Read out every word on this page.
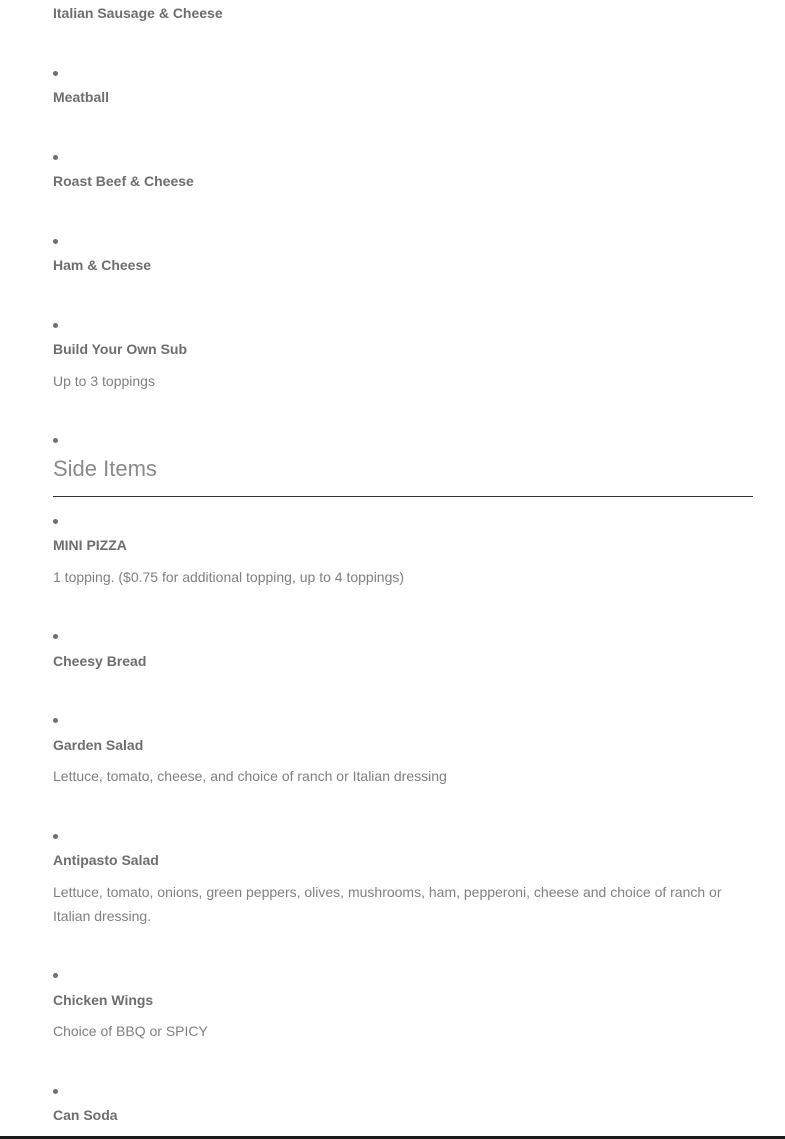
Italian Sausage & Cheese
Meatball
Roast Beef & Cheese
Ham & Cheese
Build Your Own Sub
Up to 3 toppings
Side Items
MINI PIZZA
1 topping. ($0.75 for additional topping, up to 4 toppings)
Cheesy Bread
Garden Salad
Lettuce, tomato, cheese, and choice of ranch or Italian dressing
Antipasto Salad
Lettuce, tomato, onions, green peppers, olives, mushrooms, ham, pepperoni, cheese and choice of ranch or Italian dressing.
Chicken Wings
Choice of BBQ or SPICY
Can Soda
